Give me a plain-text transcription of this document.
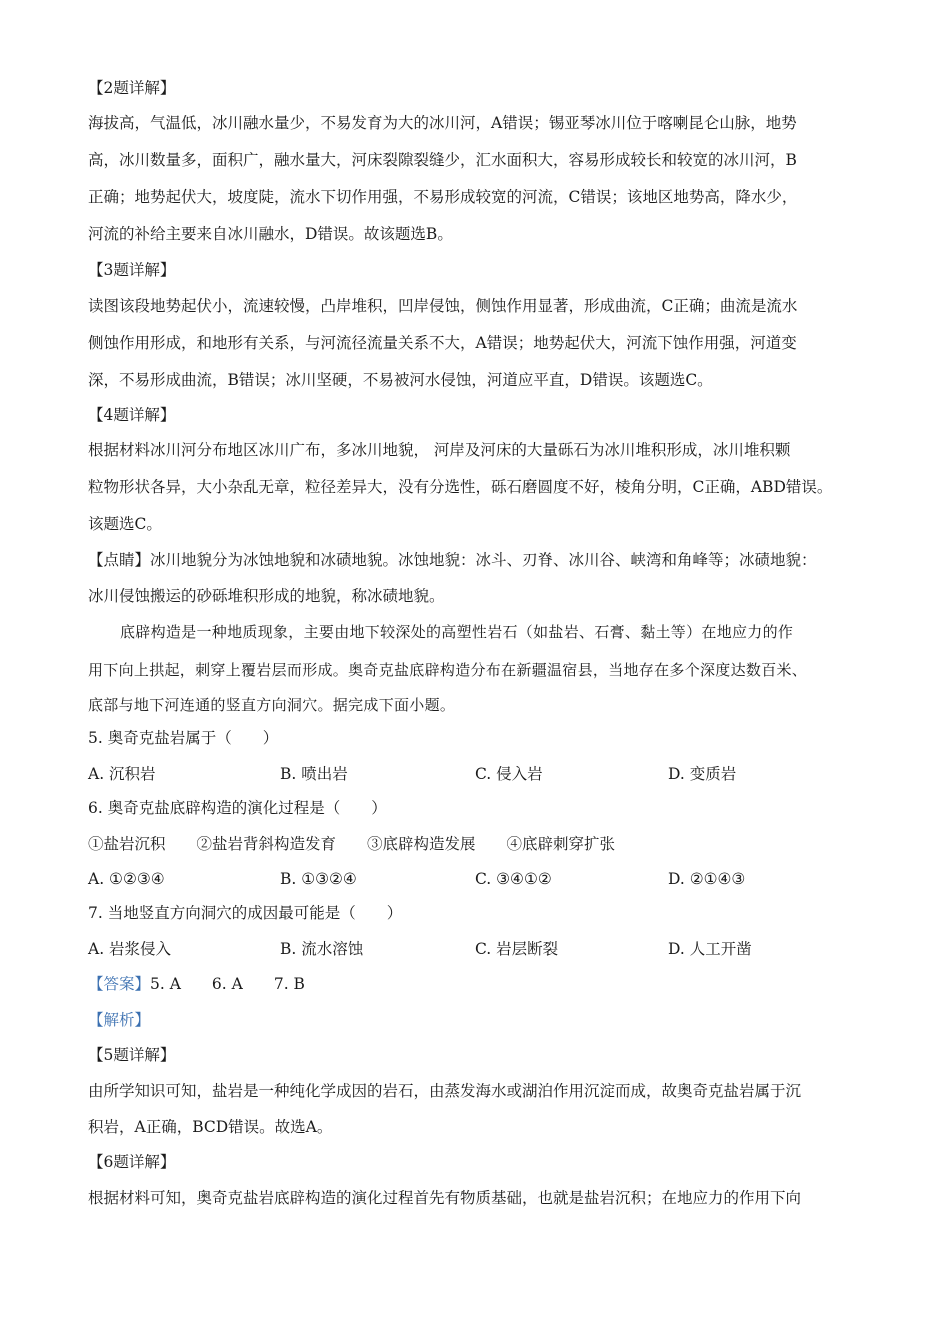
【2题详解】
海拔高，气温低，冰川融水量少，不易发育为大的冰川河，A错误；锡亚琴冰川位于喀喇昆仑山脉，地势
高，冰川数量多，面积广，融水量大，河床裂隙裂缝少，汇水面积大，容易形成较长和较宽的冰川河，B
正确；地势起伏大，坡度陡，流水下切作用强，不易形成较宽的河流，C错误；该地区地势高，降水少，
河流的补给主要来自冰川融水，D错误。故该题选B。
【3题详解】
读图该段地势起伏小，流速较慢，凸岸堆积，凹岸侵蚀，侧蚀作用显著，形成曲流，C正确；曲流是流水
侧蚀作用形成，和地形有关系，与河流径流量关系不大，A错误；地势起伏大，河流下蚀作用强，河道变
深，不易形成曲流，B错误；冰川坚硬，不易被河水侵蚀，河道应平直，D错误。该题选C。
【4题详解】
根据材料冰川河分布地区冰川广布，多冰川地貌， 河岸及河床的大量砾石为冰川堆积形成，冰川堆积颗
粒物形状各异，大小杂乱无章，粒径差异大，没有分选性，砾石磨圆度不好，棱角分明，C正确，ABD错误。
该题选C。
【点睛】冰川地貌分为冰蚀地貌和冰碛地貌。冰蚀地貌：冰斗、刃脊、冰川谷、峡湾和角峰等；冰碛地貌：
冰川侵蚀搬运的砂砾堆积形成的地貌，称冰碛地貌。
底辟构造是一种地质现象，主要由地下较深处的高塑性岩石（如盐岩、石膏、黏土等）在地应力的作
用下向上拱起，刺穿上覆岩层而形成。奥奇克盐底辟构造分布在新疆温宿县，当地存在多个深度达数百米、
底部与地下河连通的竖直方向洞穴。据完成下面小题。
5. 奥奇克盐岩属于（　　）
A. 沉积岩	B. 喷出岩	C. 侵入岩	D. 变质岩
6. 奥奇克盐底辟构造的演化过程是（　　）
①盐岩沉积　　②盐岩背斜构造发育　　③底辟构造发展　　④底辟刺穿扩张
A. ①②③④	B. ①③②④	C. ③④①②	D. ②①④③
7. 当地竖直方向洞穴的成因最可能是（　　）
A. 岩浆侵入	B. 流水溶蚀	C. 岩层断裂	D. 人工开凿
【答案】5. A　　6. A　　7. B
【解析】
【5题详解】
由所学知识可知，盐岩是一种纯化学成因的岩石，由蒸发海水或湖泊作用沉淀而成，故奥奇克盐岩属于沉
积岩，A正确，BCD错误。故选A。
【6题详解】
根据材料可知，奥奇克盐岩底辟构造的演化过程首先有物质基础，也就是盐岩沉积；在地应力的作用下向
